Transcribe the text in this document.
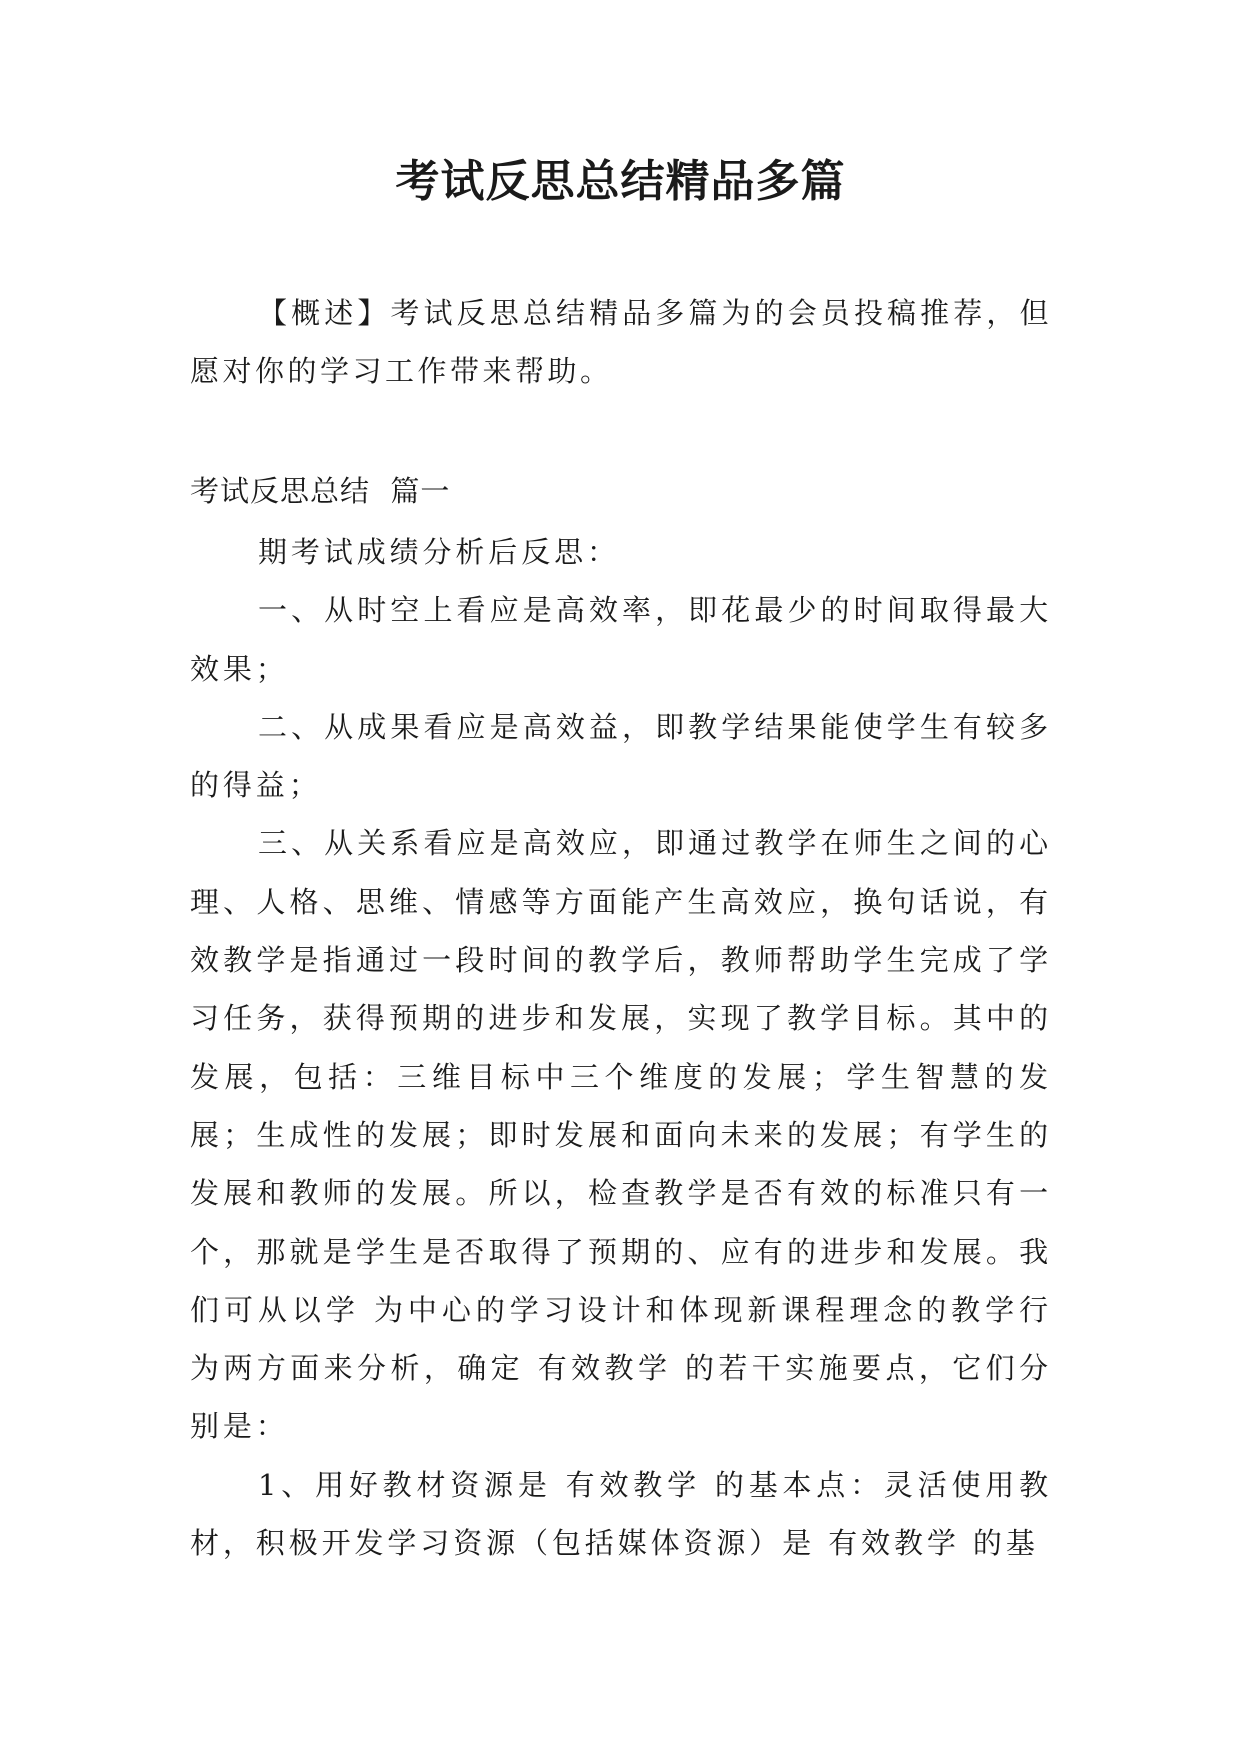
考试反思总结精品多篇

【概述】考试反思总结精品多篇为的会员投稿推荐，但愿对你的学习工作带来帮助。

考试反思总结  篇一

期考试成绩分析后反思：

一、从时空上看应是高效率，即花最少的时间取得最大效果；

二、从成果看应是高效益，即教学结果能使学生有较多的得益；

三、从关系看应是高效应，即通过教学在师生之间的心理、人格、思维、情感等方面能产生高效应，换句话说，有效教学是指通过一段时间的教学后，教师帮助学生完成了学习任务，获得预期的进步和发展，实现了教学目标。其中的发展，包括：三维目标中三个维度的发展；学生智慧的发展；生成性的发展；即时发展和面向未来的发展；有学生的发展和教师的发展。所以，检查教学是否有效的标准只有一个，那就是学生是否取得了预期的、应有的进步和发展。我们可从以学 为中心的学习设计和体现新课程理念的教学行为两方面来分析，确定 有效教学 的若干实施要点，它们分别是：

1、用好教材资源是 有效教学 的基本点：灵活使用教材，积极开发学习资源（包括媒体资源）是 有效教学 的基
